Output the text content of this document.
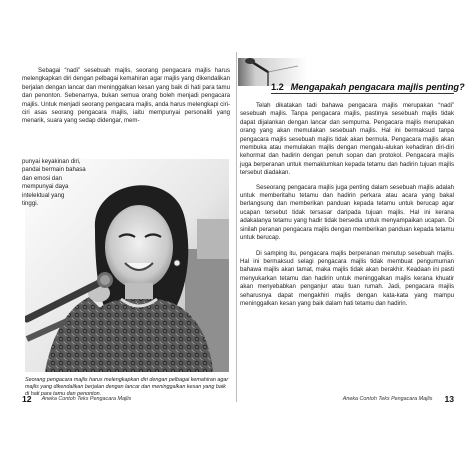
Sebagai “nadi” sesebuah majlis, seorang pengacara majlis harus melengkapkan diri dengan pelbagai kemahiran agar majlis yang dikendalikan berjalan dengan lancar dan meninggalkan kesan yang baik di hati para tamu dan penonton. Sebenarnya, bukan semua orang boleh menjadi pengacara majlis. Untuk menjadi seorang pengacara majlis, anda harus melengkapi ciri-ciri asas seorang pengacara majlis, iaitu mempunyai personaliti yang menarik, suara yang sedap didengar, mem-

punyai keyakinan diri,

pandai bermain bahasa

dan emosi dan

mempunyai daya

intelektual yang

tinggi.

Seorang pengacara majlis harus melengkapkan diri dengan pelbagai kemahiran agar majlis yang dikendalikan berjalan dengan lancar dan meninggalkan kesan yang baik di hati para tamu dan penonton.
12 Aneka Contoh Teks Pengacara Majlis
1.2 Mengapakah pengacara majlis penting?

Telah dikatakan tadi bahawa pengacara majlis merupakan “nadi” sesebuah majlis. Tanpa pengacara majlis, pastinya sesebuah majlis tidak dapat dijalankan dengan lancar dan sempurna. Pengacara majlis merupakan orang yang akan memulakan sesebuah majlis. Hal ini bermaksud tanpa pengacara majlis sesebuah majlis tidak akan bermula. Pengacara majlis akan membuka atau memulakan majlis dengan mengalu-alukan kehadiran diri-diri kehormat dan hadirin dengan penuh sopan dan protokol. Pengacara majlis juga berperanan untuk memaklumkan kepada tetamu dan hadirin tujuan majlis tersebut diadakan.

Seseorang pengacara majlis juga penting dalam sesebuah majlis adalah untuk memberitahu tetamu dan hadirin perkara atau acara yang bakal berlangsung dan memberikan panduan kepada tetamu untuk berucap agar ucapan tersebut tidak tersasar daripada tujuan majlis. Hal ini kerana adakalanya tetamu yang hadir tidak bersedia untuk menyampaikan ucapan. Di sinilah peranan pengacara majlis dengan memberikan panduan kepada tetamu untuk berucap.

Di samping itu, pengacara majlis berperanan menutup sesebuah majlis. Hal ini bermaksud selagi pengacara majlis tidak membuat pengumuman bahawa majlis akan tamat, maka majlis tidak akan berakhir. Keadaan ini pasti menyukarkan tetamu dan hadirin untuk meninggalkan majlis kerana khuatir akan menyebabkan penganjur atau tuan rumah. Jadi, pengacara majlis seharusnya dapat mengakhiri majlis dengan kata-kata yang mampu meninggalkan kesan yang baik dalam hati tetamu dan hadirin.

Aneka Contoh Teks Pengacara Majlis 13
